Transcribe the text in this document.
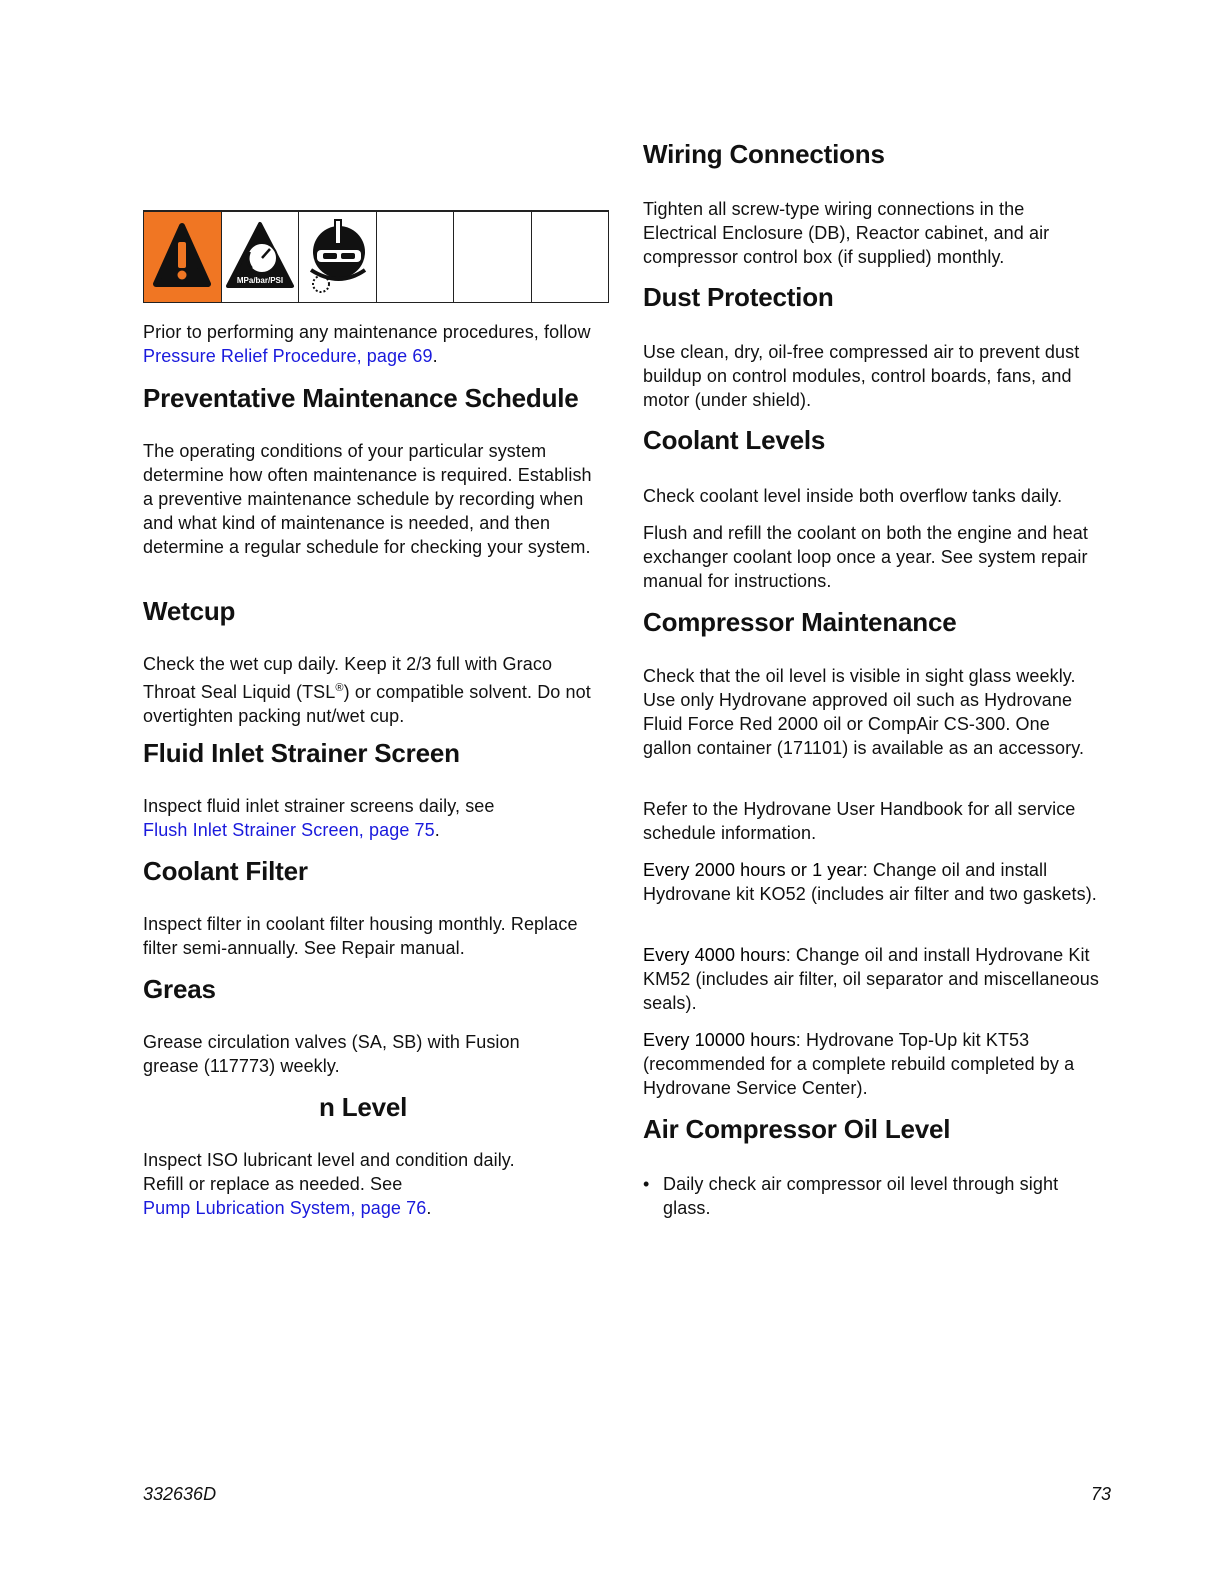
MPa/bar/PSI

Prior to performing any maintenance procedures, follow Pressure Relief Procedure, page 69.

Preventative Maintenance Schedule

The operating conditions of your particular system determine how often maintenance is required. Establish a preventive maintenance schedule by recording when and what kind of maintenance is needed, and then determine a regular schedule for checking your system.

Wetcup

Check the wet cup daily. Keep it 2/3 full with Graco Throat Seal Liquid (TSL®) or compatible solvent. Do not overtighten packing nut/wet cup.

Fluid Inlet Strainer Screen

Inspect fluid inlet strainer screens daily, see
Flush Inlet Strainer Screen, page 75.

Coolant Filter

Inspect filter in coolant filter housing monthly. Replace filter semi-annually. See Repair manual.

Greas

Grease circulation valves (SA, SB) with Fusion grease (117773) weekly.

n Level

Inspect ISO lubricant level and condition daily. Refill or replace as needed. See
Pump Lubrication System, page 76.

Wiring Connections

Tighten all screw-type wiring connections in the Electrical Enclosure (DB), Reactor cabinet, and air compressor control box (if supplied) monthly.

Dust Protection

Use clean, dry, oil-free compressed air to prevent dust buildup on control modules, control boards, fans, and motor (under shield).

Coolant Levels

Check coolant level inside both overflow tanks daily.

Flush and refill the coolant on both the engine and heat exchanger coolant loop once a year. See system repair manual for instructions.

Compressor Maintenance

Check that the oil level is visible in sight glass weekly. Use only Hydrovane approved oil such as Hydrovane Fluid Force Red 2000 oil or CompAir CS-300. One gallon container (171101) is available as an accessory.

Refer to the Hydrovane User Handbook for all service schedule information.

Every 2000 hours or 1 year: Change oil and install Hydrovane kit KO52 (includes air filter and two gaskets).

Every 4000 hours: Change oil and install Hydrovane Kit KM52 (includes air filter, oil separator and miscellaneous seals).

Every 10000 hours: Hydrovane Top-Up kit KT53 (recommended for a complete rebuild completed by a Hydrovane Service Center).

Air Compressor Oil Level
• Daily check air compressor oil level through sight glass.

332636D	73
